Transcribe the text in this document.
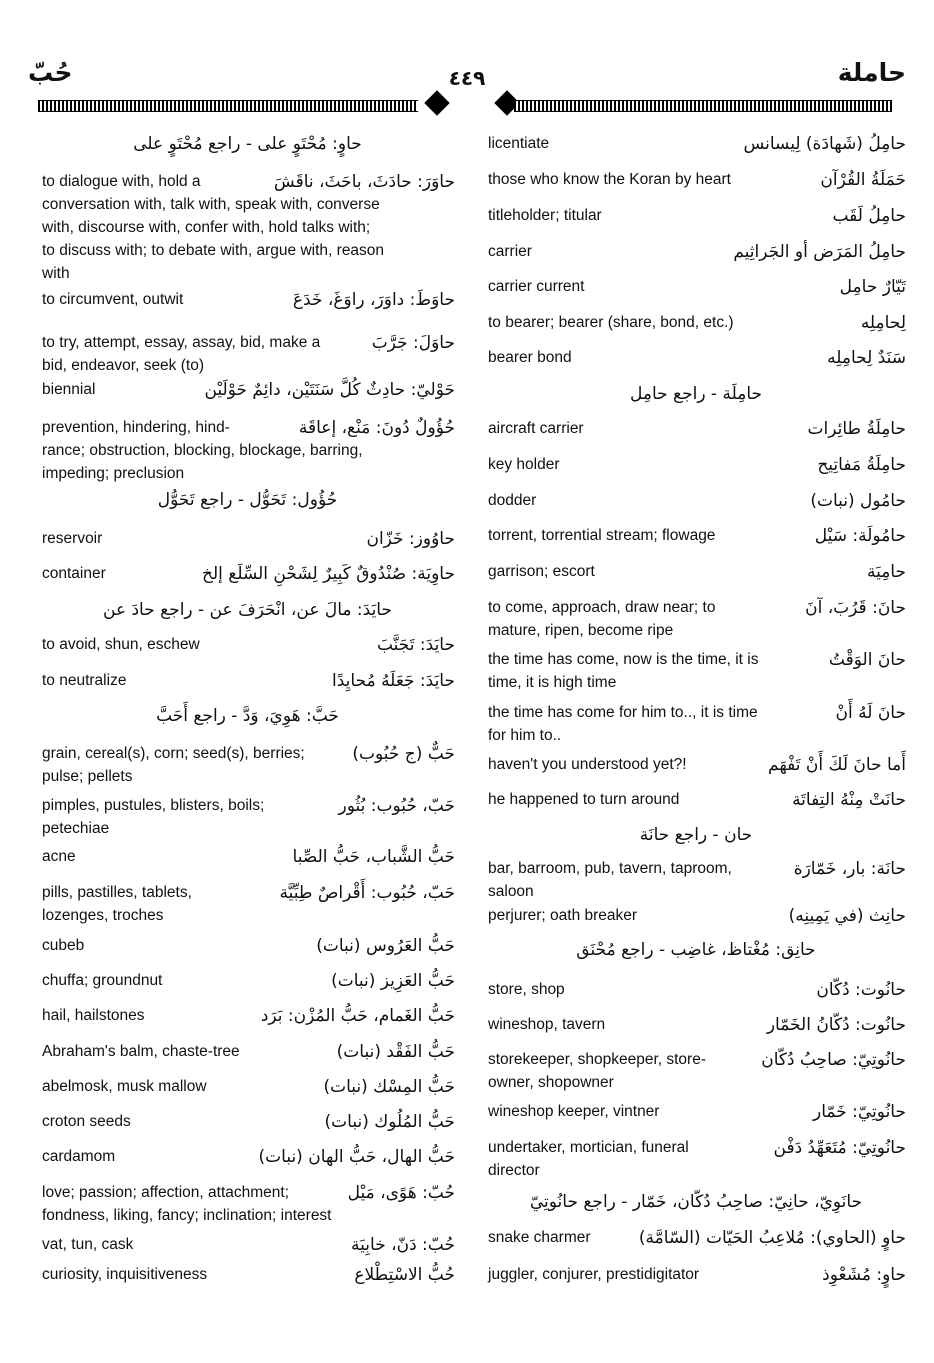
حُبّ	٤٤٩	حاملة
حاوٍ: مُحْتَوٍ على - راجع مُحْتَوٍ على
حاوَرَ: حادَثَ، باحَثَ، ناقَشَ
to dialogue with, hold a
conversation with, talk with, speak with, converse
with, discourse with, confer with, hold talks with;
to discuss with; to debate with, argue with, reason
with
حاوَطَ: داوَرَ، راوَغَ، خَدَعَ
to circumvent, outwit
حاوَلَ: جَرَّبَ
to try, attempt, essay, assay, bid, make a
bid, endeavor, seek (to)
حَوْليّ: حادِثٌ كُلَّ سَنَتَيْن، دائِمٌ حَوْلَيْن
biennial
حُؤُولٌ دُونَ: مَنْع، إعاقَة
prevention, hindering, hind-
rance; obstruction, blocking, blockage, barring,
impeding; preclusion
حُؤُول: تَحَوُّل - راجع تَحَوُّل
حاوُوز: خَزّان
reservoir
حاوِيَة: صُنْدُوقٌ كَبِيرٌ لِشَحْنِ السِّلَع إلخ
container
حايَدَ: مالَ عن، انْحَرَفَ عن - راجع حادَ عن
حايَدَ: تَجَنَّبَ
to avoid, shun, eschew
حايَدَ: جَعَلَهُ مُحايِدًا
to neutralize
حَبَّ: هَوِيَ، وَدَّ - راجع أَحَبَّ
حَبٌّ (ج حُبُوب)
grain, cereal(s), corn; seed(s), berries;
pulse; pellets
حَبّ، حُبُوب: بُثُور
pimples, pustules, blisters, boils;
petechiae
حَبُّ الشَّباب، حَبُّ الصِّبا
acne
حَبّ، حُبُوب: أَقْراصٌ طِبِّيَّة
pills, pastilles, tablets,
lozenges, troches
حَبُّ العَرُوس (نبات)
cubeb
حَبُّ العَزِيز (نبات)
chuffa; groundnut
حَبُّ الغَمام، حَبُّ المُزْن: بَرَد
hail, hailstones
حَبُّ الفَقْد (نبات)
Abraham's balm, chaste-tree
حَبُّ المِسْك (نبات)
abelmosk, musk mallow
حَبُّ المُلُوك (نبات)
croton seeds
حَبُّ الهال، حَبُّ الهان (نبات)
cardamom
حُبّ: هَوًى، مَيْل
love; passion; affection, attachment;
fondness, liking, fancy; inclination; interest
حُبّ: دَنّ، خابِيَة
vat, tun, cask
حُبُّ الاسْتِطْلاع
curiosity, inquisitiveness
حامِلُ (شَهادَة) لِيسانس
licentiate
حَمَلَةُ القُرْآن
those who know the Koran by heart
حامِلُ لَقَب
titleholder; titular
حامِلُ المَرَض أو الجَراثِيم
carrier
تَيّارٌ حامِل
carrier current
لِحامِلِه
to bearer; bearer (share, bond, etc.)
سَنَدٌ لِحامِلِه
bearer bond
حامِلَة - راجع حامِل
حامِلَةُ طائِرات
aircraft carrier
حامِلَةُ مَفاتِيح
key holder
حامُول (نبات)
dodder
حامُولَة: سَيْل
torrent, torrential stream; flowage
حامِيَة
garrison; escort
حانَ: قَرُبَ، آنَ
to come, approach, draw near; to
mature, ripen, become ripe
حانَ الوَقْتُ
the time has come, now is the time, it is
time, it is high time
حانَ لَهُ أَنْ
the time has come for him to.., it is time
for him to..
أَما حانَ لَكَ أَنْ تَفْهَم
haven't you understood yet?!
حانَتْ مِنْهُ التِفاتَة
he happened to turn around
حان - راجع حانَة
حانَة: بار، خَمّارَة
bar, barroom, pub, tavern, taproom,
saloon
حانِث (في يَمِينِه)
perjurer; oath breaker
حانِق: مُغْتاظ، غاضِب - راجع مُحْنَق
حانُوت: دُكّان
store, shop
حانُوت: دُكّانُ الخَمّار
wineshop, tavern
حانُوتِيّ: صاحِبُ دُكّان
storekeeper, shopkeeper, store-
owner, shopowner
حانُوتِيّ: خَمّار
wineshop keeper, vintner
حانُوتِيّ: مُتَعَهِّدُ دَفْن
undertaker, mortician, funeral
director
حانَوِيّ، حانِيّ: صاحِبُ دُكّان، خَمّار - راجع حانُوتِيّ
حاوٍ (الحاوي): مُلاعِبُ الحَيّات (السّامَّة)
snake charmer
حاوٍ: مُشَعْوِذ
juggler, conjurer, prestidigitator
